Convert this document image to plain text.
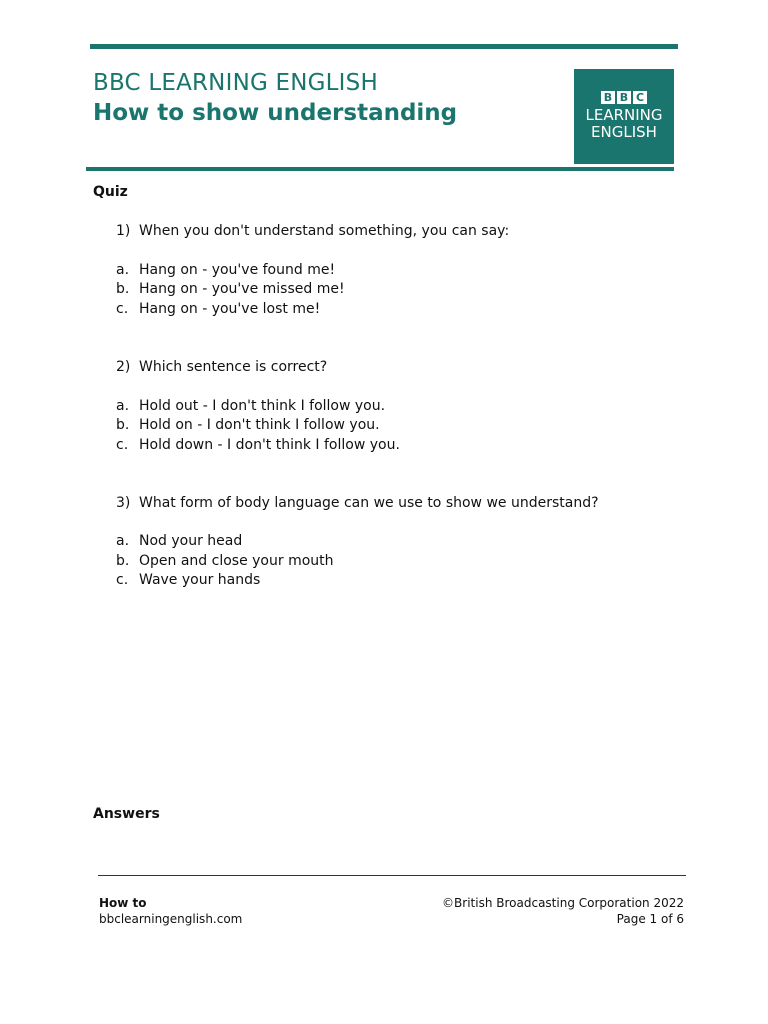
BBC LEARNING ENGLISH
How to show understanding
B B C
LEARNING
ENGLISH
Quiz
1) When you don't understand something, you can say:
a. Hang on - you've found me!
b. Hang on - you've missed me!
c. Hang on - you've lost me!
2) Which sentence is correct?
a. Hold out - I don't think I follow you.
b. Hold on - I don't think I follow you.
c. Hold down - I don't think I follow you.
3) What form of body language can we use to show we understand?
a. Nod your head
b. Open and close your mouth
c. Wave your hands
Answers
How to
bbclearningenglish.com
©British Broadcasting Corporation 2022
Page 1 of 6
